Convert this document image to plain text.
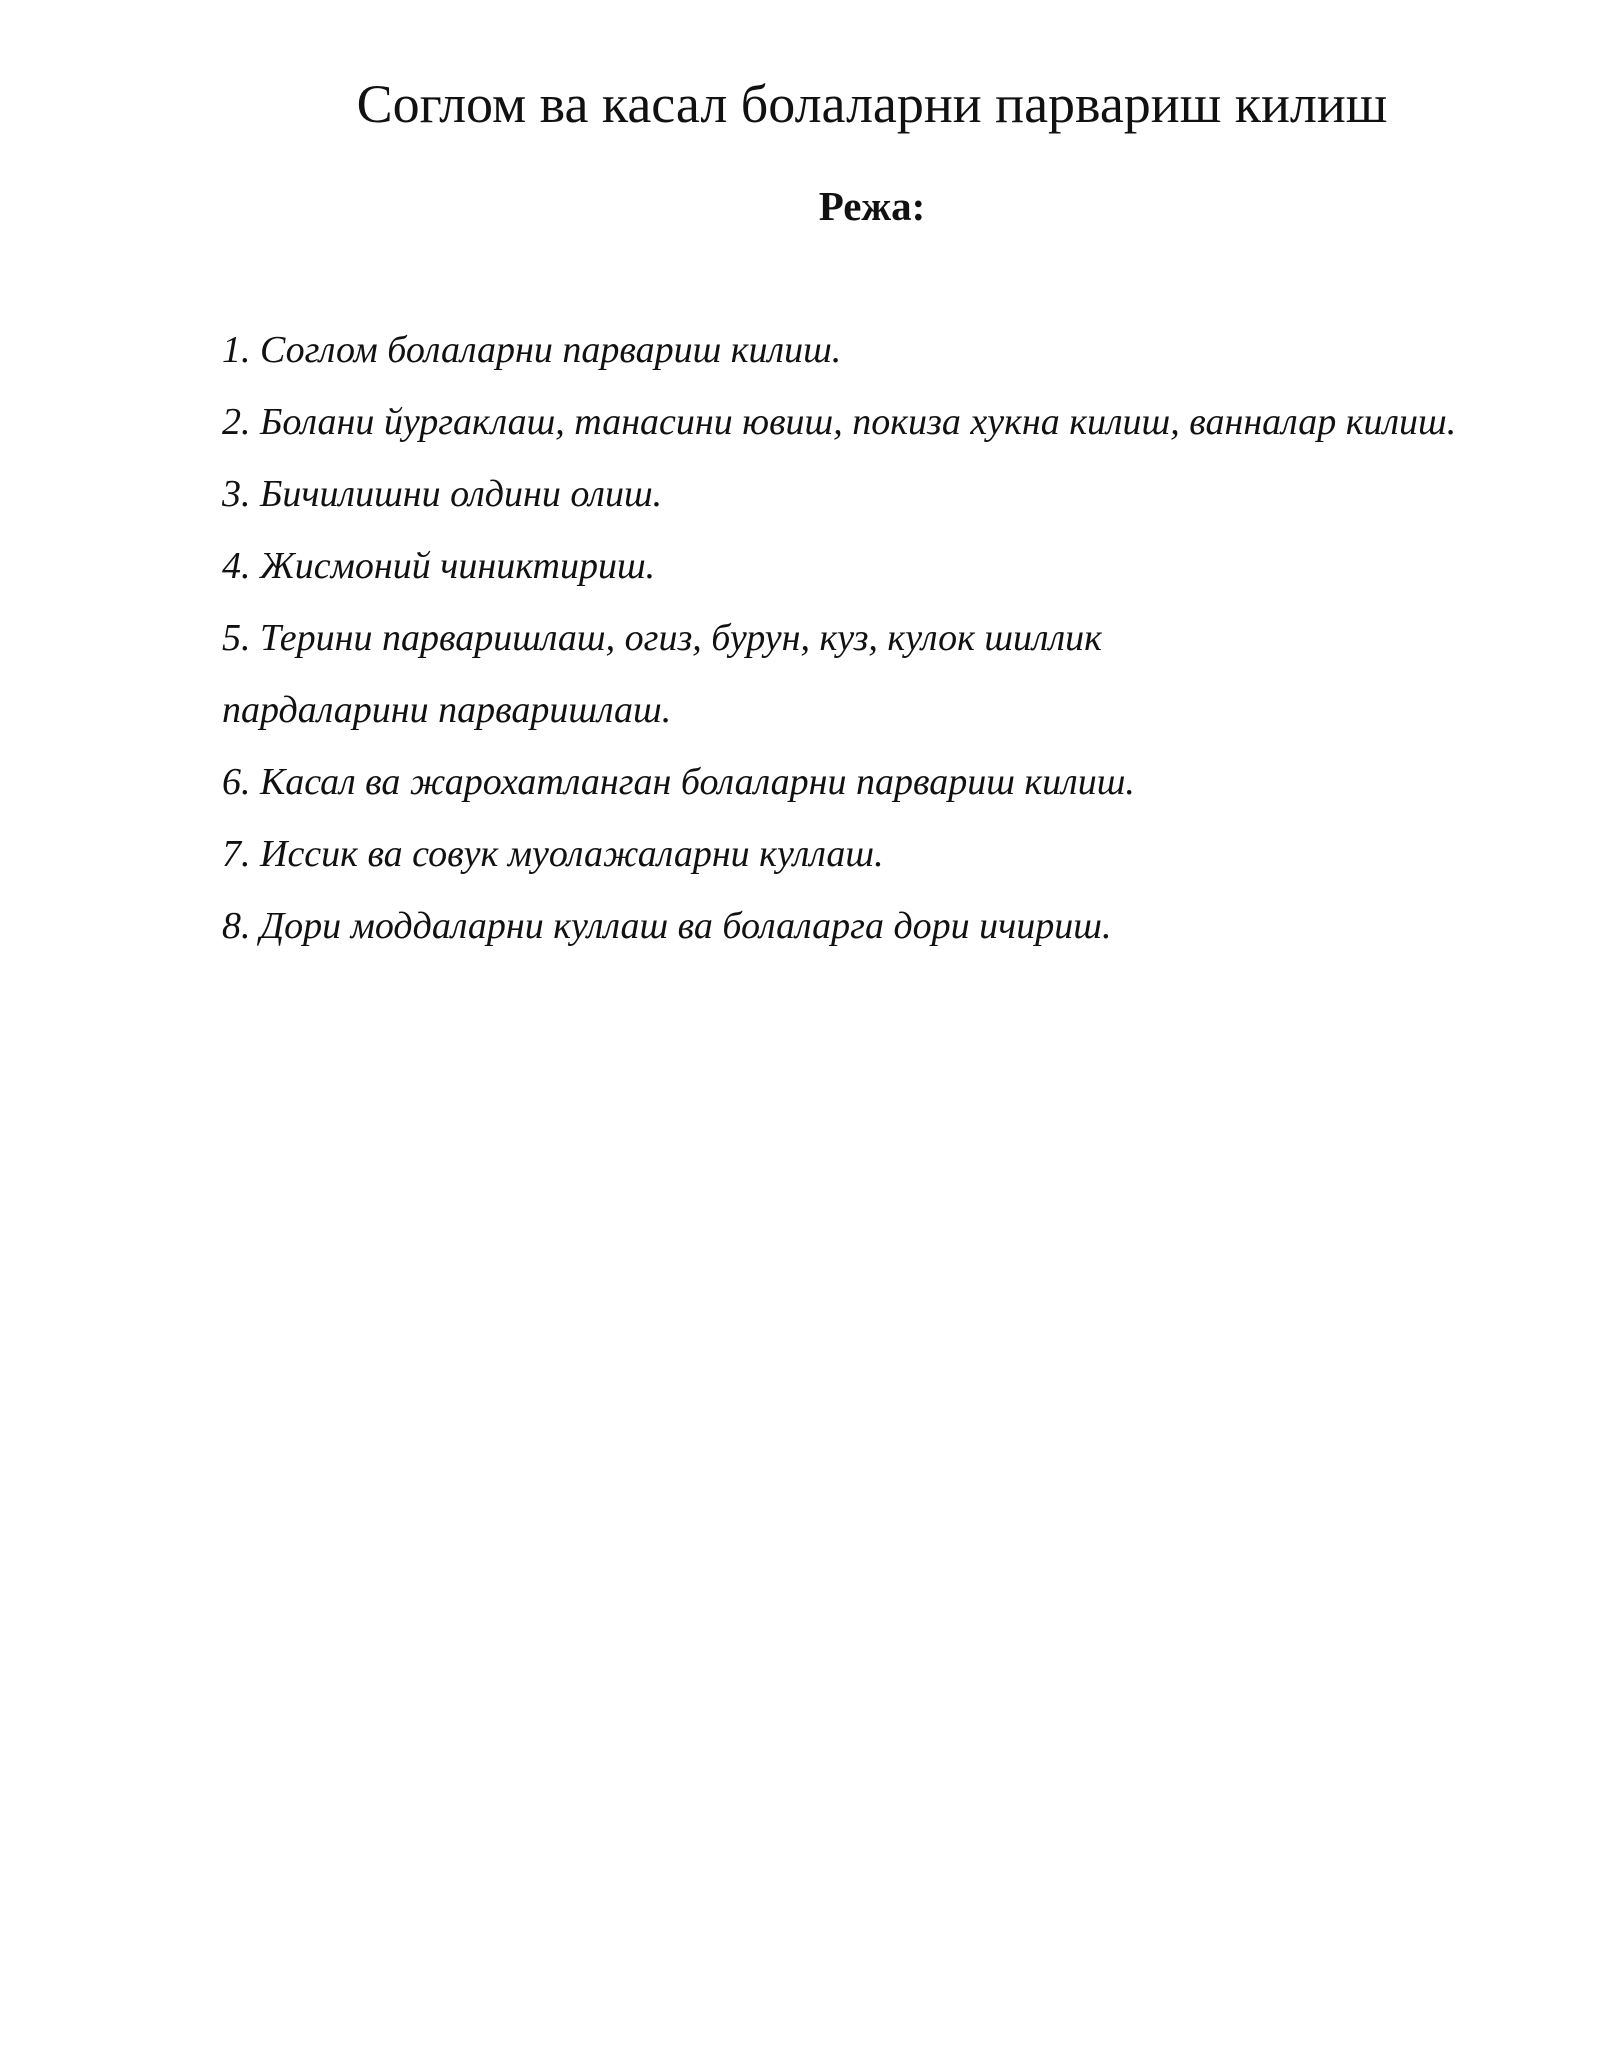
Соглом ва касал болаларни парвариш килиш
Режа:
1. Соглом болаларни парвариш килиш.
2. Болани йургаклаш, танасини ювиш, покиза хукна килиш, ванналар килиш.
3. Бичилишни олдини олиш.
4. Жисмоний чиниктириш.
5. Терини парваришлаш, огиз, бурун, куз, кулок шиллик
пардаларини парваришлаш.
6. Касал ва жарохатланган болаларни парвариш килиш.
7. Иссик ва совук муолажаларни куллаш.
8. Дори моддаларни куллаш ва болаларга дори ичириш.
